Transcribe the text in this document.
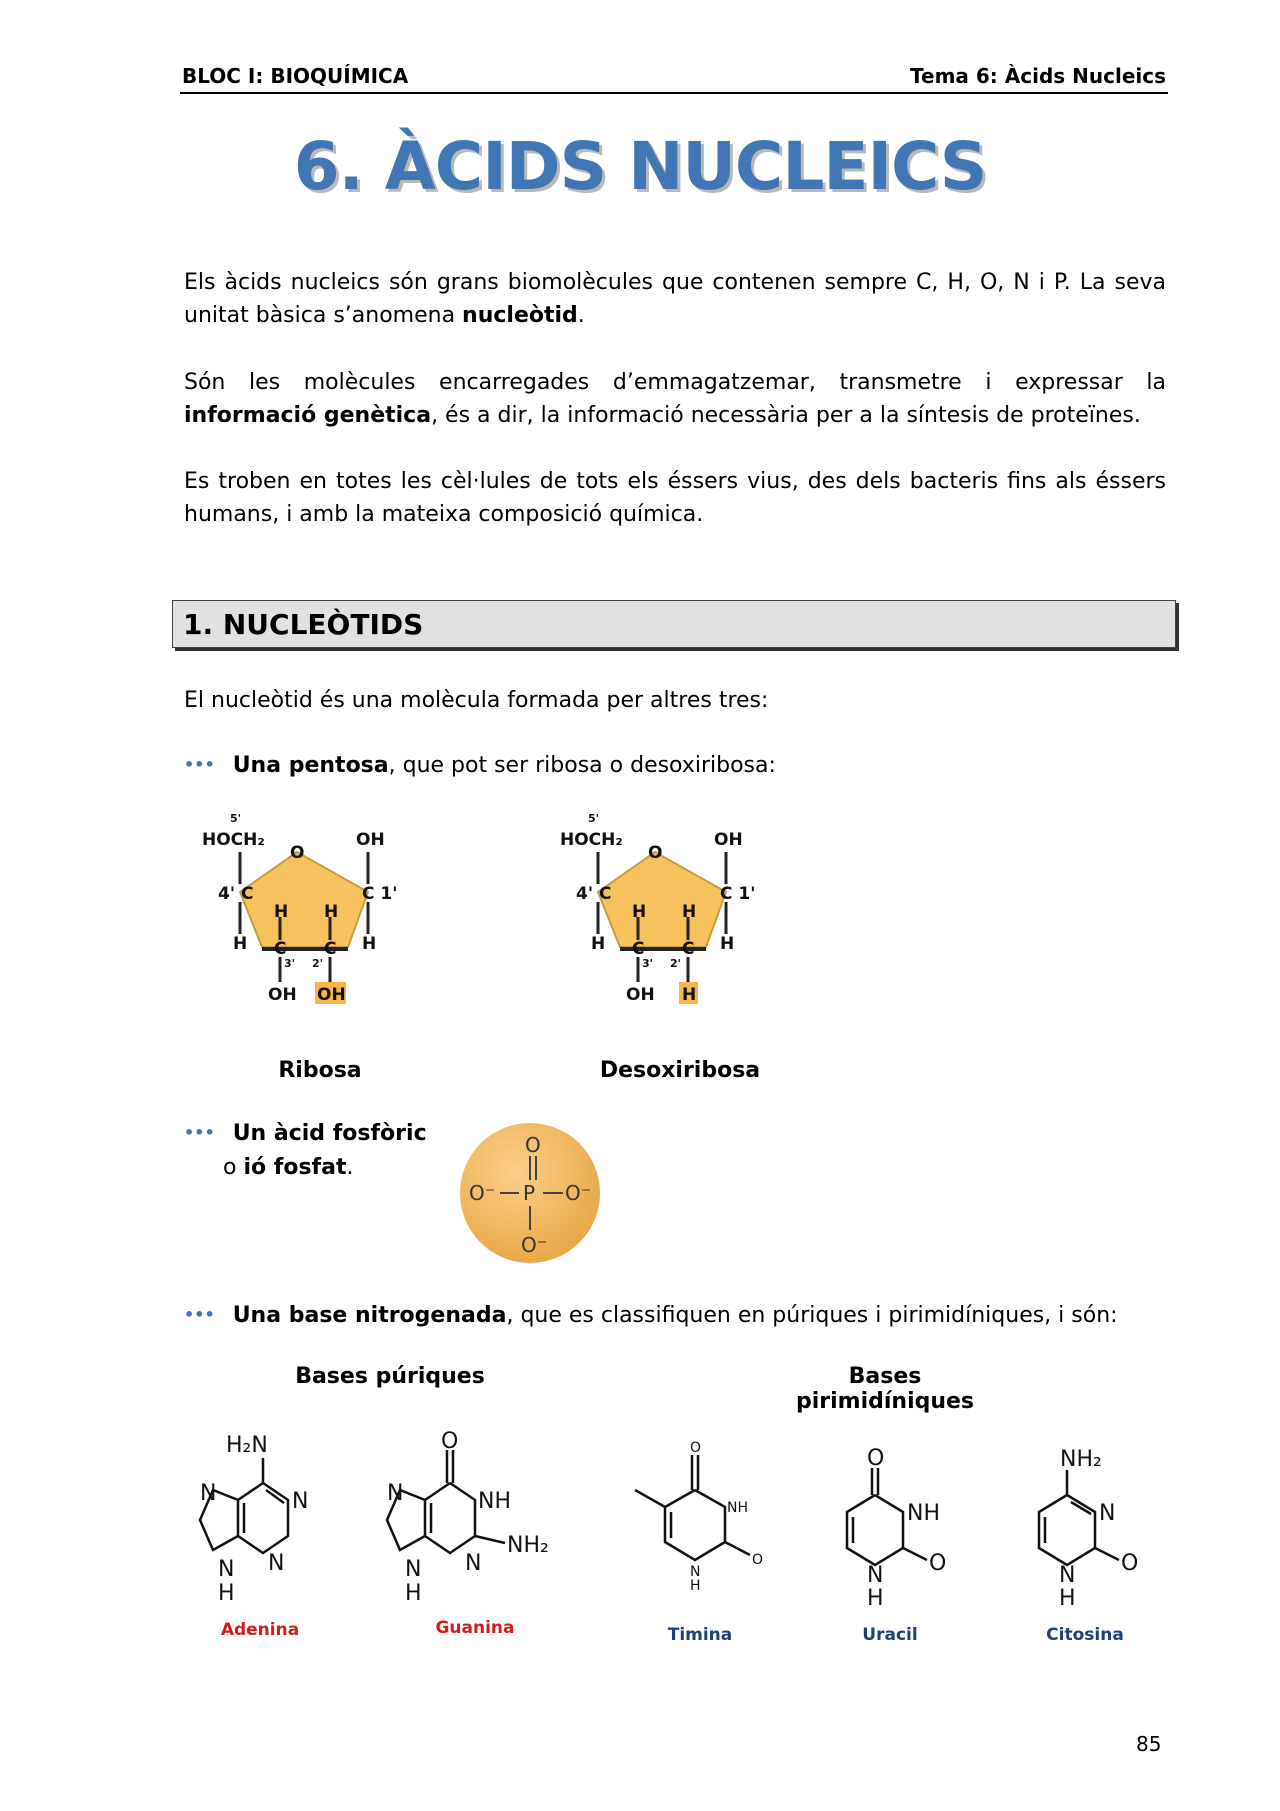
BLOC I: BIOQUÍMICA	Tema 6: Àcids Nucleics
6. ÀCIDS NUCLEICS

Els àcids nucleics són grans biomolècules que contenen sempre C, H, O, N i P. La seva unitat bàsica s’anomena nucleòtid.

Són les molècules encarregades d’emmagatzemar, transmetre i expressar la informació genètica, és a dir, la informació necessària per a la síntesis de proteïnes.

Es troben en totes les cèl·lules de tots els éssers vius, des dels bacteris fins als éssers humans, i amb la mateixa composició química.

1. NUCLEÒTIDS

El nucleòtid és una molècula formada per altres tres:

••• Una pentosa, que pot ser ribosa o desoxiribosa:
5'
HOCH₂
O
OH
4' C	C 1'
H H
H	H
C C
3' 2'
OH OH
Ribosa
5'
HOCH₂
O
OH
4' C	C 1'
H H
H	H
C C
3' 2'
OH H
Desoxiribosa
••• Un àcid fosfòric
o ió fosfat.
O
P
O⁻	O⁻
O⁻
••• Una base nitrogenada, que es classifiquen en púriques i pirimidíniques, i són:
Bases púriques	Bases pirimidíniques
H₂N
N
N
N
N
H
Adenina
O
NH
N
N
N
H
NH₂
Guanina
O
NH
N
H
O
Timina
O
NH
N
H
O
Uracil
NH₂
N
N
H
O
Citosina
85
